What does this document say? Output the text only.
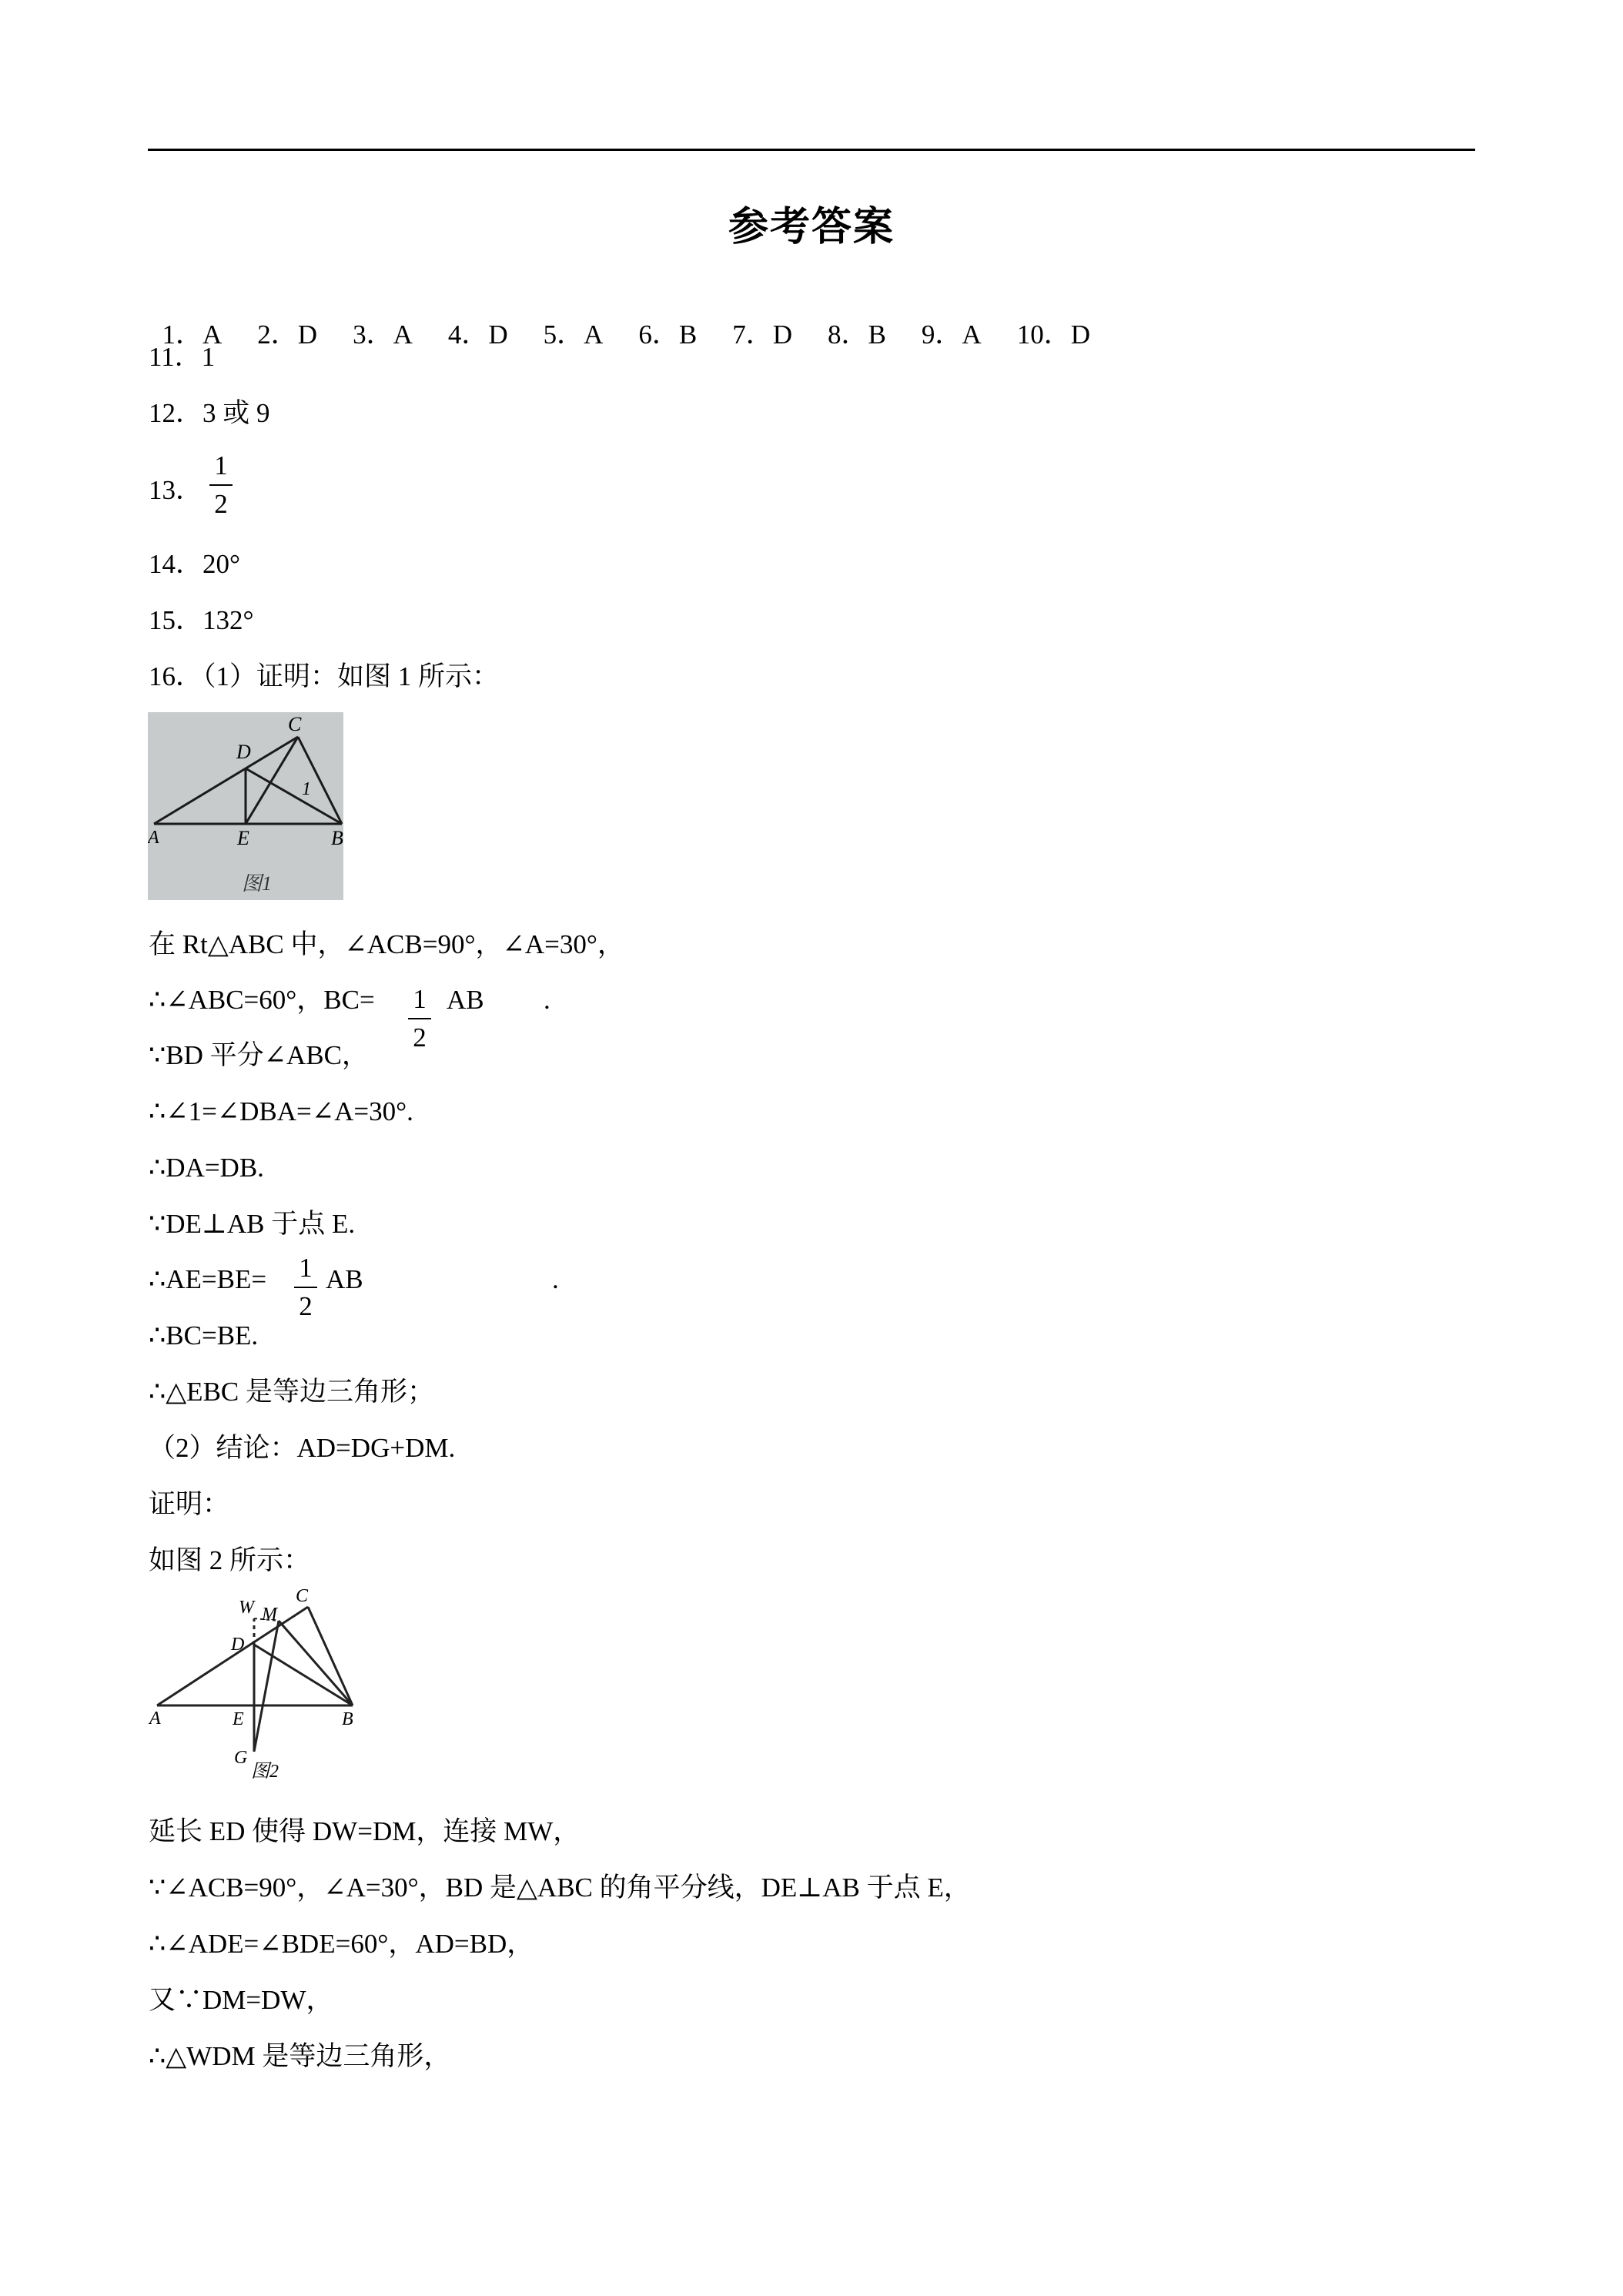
参考答案

1．A 2．D 3．A 4．D 5．A 6．B 7．D 8．B 9．A 10．D

11．1
12．3 或 9
13．
1
2
14．20°
15．132°
16．（1）证明：如图 1 所示：
C
D
A	E	B
1
图1
在 Rt△ABC 中，∠ACB=90°，∠A=30°，
∴∠ABC=60°，BC= 1
2
AB .
∵BD 平分∠ABC，
∴∠1=∠DBA=∠A=30°.
∴DA=DB.
∵DE⊥AB 于点 E.
∴AE=BE= 1
2
AB	.
∴BC=BE.
∴△EBC 是等边三角形；
（2）结论：AD=DG+DM.
证明：
如图 2 所示：
W M
C
D
A	E	B
G
图2
延长 ED 使得 DW=DM，连接 MW，
∵∠ACB=90°，∠A=30°，BD 是△ABC 的角平分线，DE⊥AB 于点 E，
∴∠ADE=∠BDE=60°，AD=BD，
又∵DM=DW，
∴△WDM 是等边三角形，
